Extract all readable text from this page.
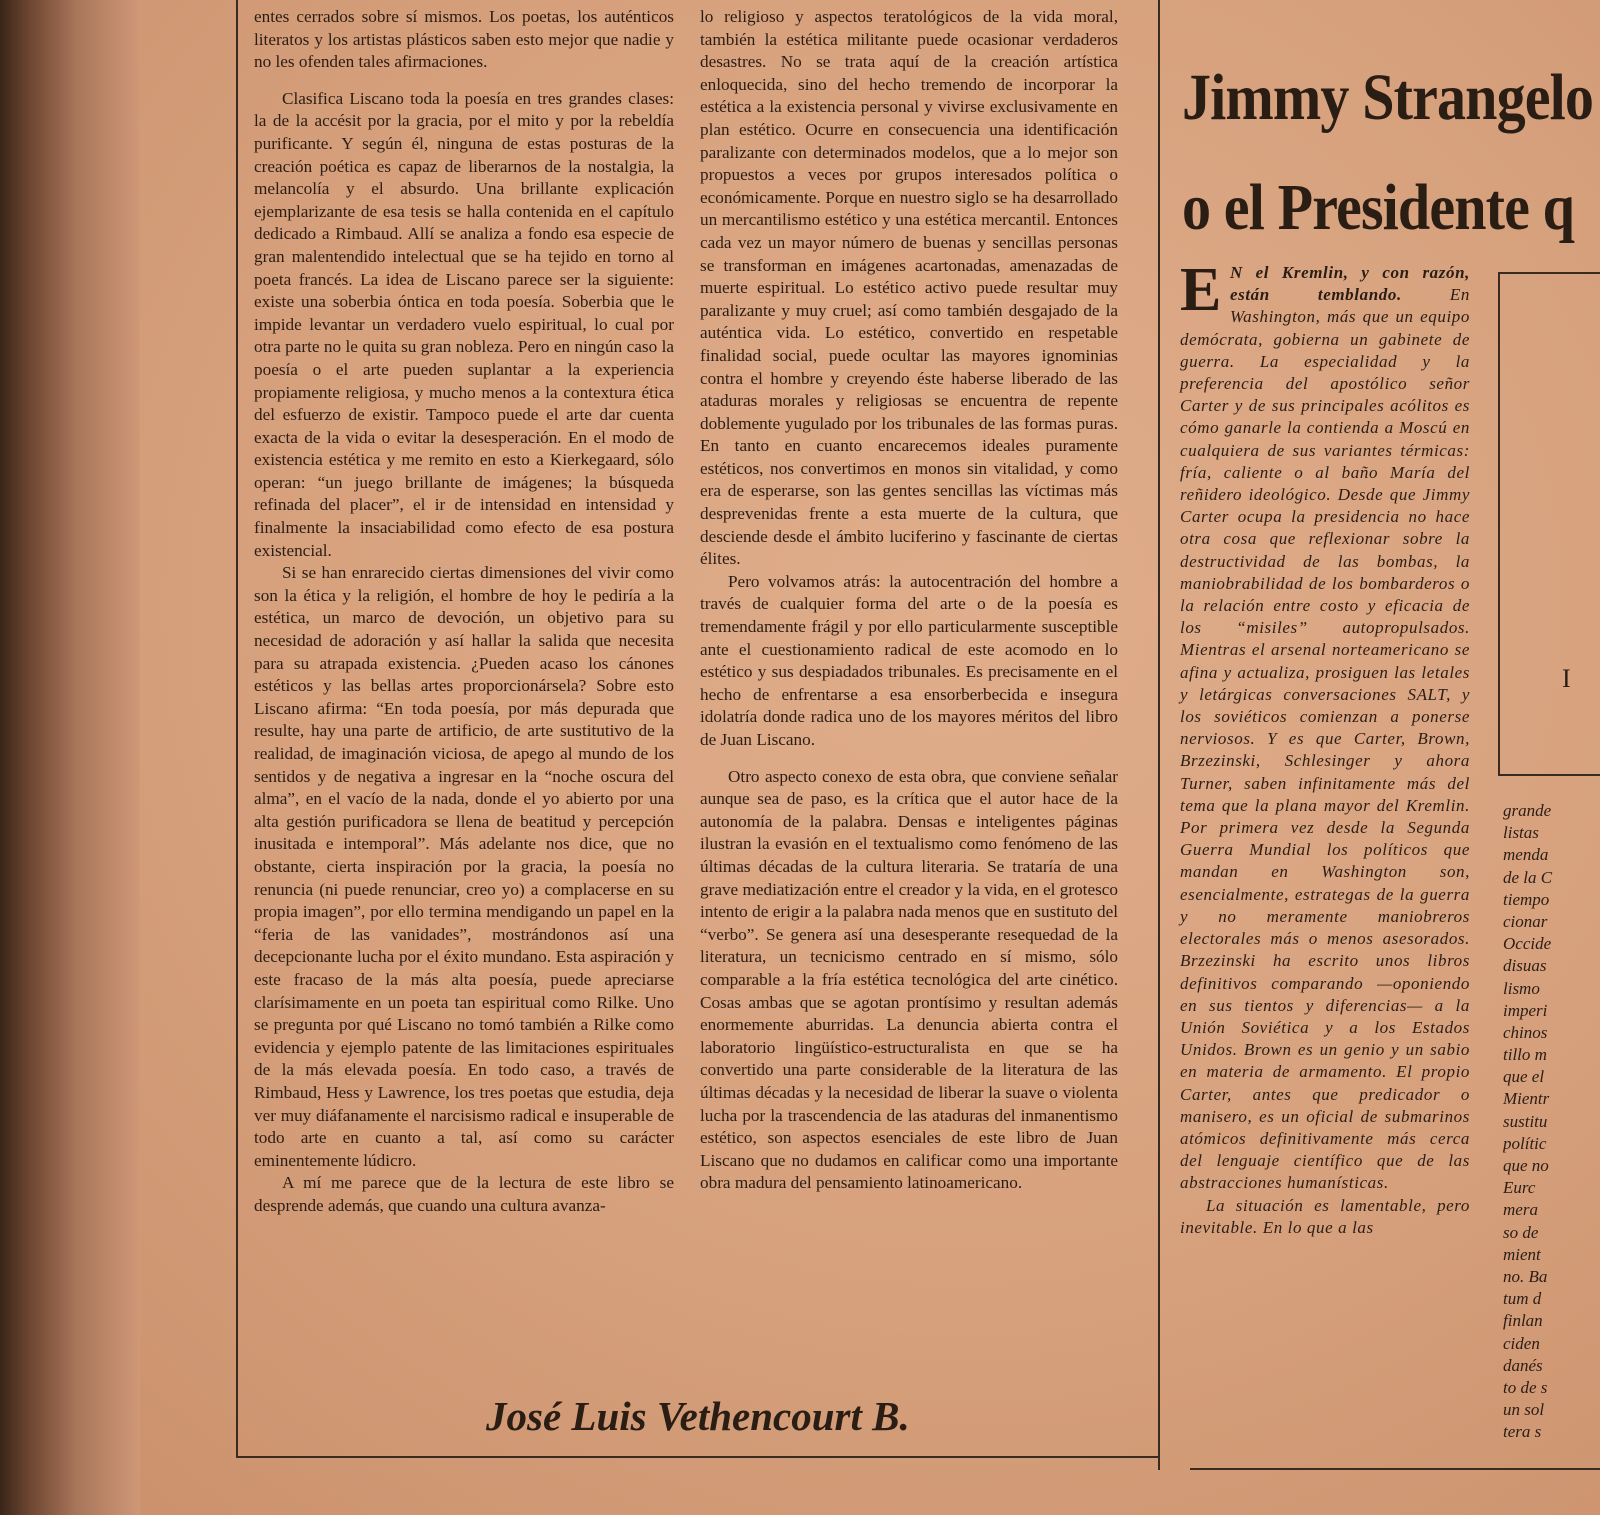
entes cerrados sobre sí mismos. Los poetas, los auténticos literatos y los artistas plásticos saben esto mejor que nadie y no les ofenden tales afirmaciones.

Clasifica Liscano toda la poesía en tres grandes clases: la de la accésit por la gracia, por el mito y por la rebeldía purificante. Y según él, ninguna de estas posturas de la creación poética es capaz de liberarnos de la nostalgia, la melancolía y el absurdo. Una brillante explicación ejemplarizante de esa tesis se halla contenida en el capítulo dedicado a Rimbaud. Allí se analiza a fondo esa especie de gran malentendido intelectual que se ha tejido en torno al poeta francés. La idea de Liscano parece ser la siguiente: existe una soberbia óntica en toda poesía. Soberbia que le impide levantar un verdadero vuelo espiritual, lo cual por otra parte no le quita su gran nobleza. Pero en ningún caso la poesía o el arte pueden suplantar a la experiencia propiamente religiosa, y mucho menos a la contextura ética del esfuerzo de existir. Tampoco puede el arte dar cuenta exacta de la vida o evitar la desesperación. En el modo de existencia estética y me remito en esto a Kierkegaard, sólo operan: “un juego brillante de imágenes; la búsqueda refinada del placer”, el ir de intensidad en intensidad y finalmente la insaciabilidad como efecto de esa postura existencial.

Si se han enrarecido ciertas dimensiones del vivir como son la ética y la religión, el hombre de hoy le pediría a la estética, un marco de devoción, un objetivo para su necesidad de adoración y así hallar la salida que necesita para su atrapada existencia. ¿Pueden acaso los cánones estéticos y las bellas artes proporcionársela? Sobre esto Liscano afirma: “En toda poesía, por más depurada que resulte, hay una parte de artificio, de arte sustitutivo de la realidad, de imaginación viciosa, de apego al mundo de los sentidos y de negativa a ingresar en la “noche oscura del alma”, en el vacío de la nada, donde el yo abierto por una alta gestión purificadora se llena de beatitud y percepción inusitada e intemporal”. Más adelante nos dice, que no obstante, cierta inspiración por la gracia, la poesía no renuncia (ni puede renunciar, creo yo) a complacerse en su propia imagen”, por ello termina mendigando un papel en la “feria de las vanidades”, mostrándonos así una decepcionante lucha por el éxito mundano. Esta aspiración y este fracaso de la más alta poesía, puede apreciarse clarísimamente en un poeta tan espiritual como Rilke. Uno se pregunta por qué Liscano no tomó también a Rilke como evidencia y ejemplo patente de las limitaciones espirituales de la más elevada poesía. En todo caso, a través de Rimbaud, Hess y Lawrence, los tres poetas que estudia, deja ver muy diáfanamente el narcisismo radical e insuperable de todo arte en cuanto a tal, así como su carácter eminentemente lúdicro.

A mí me parece que de la lectura de este libro se desprende además, que cuando una cultura avanza-

lo religioso y aspectos teratológicos de la vida moral, también la estética militante puede ocasionar verdaderos desastres. No se trata aquí de la creación artística enloquecida, sino del hecho tremendo de incorporar la estética a la existencia personal y vivirse exclusivamente en plan estético. Ocurre en consecuencia una identificación paralizante con determinados modelos, que a lo mejor son propuestos a veces por grupos interesados política o económicamente. Porque en nuestro siglo se ha desarrollado un mercantilismo estético y una estética mercantil. Entonces cada vez un mayor número de buenas y sencillas personas se transforman en imágenes acartonadas, amenazadas de muerte espiritual. Lo estético activo puede resultar muy paralizante y muy cruel; así como también desgajado de la auténtica vida. Lo estético, convertido en respetable finalidad social, puede ocultar las mayores ignominias contra el hombre y creyendo éste haberse liberado de las ataduras morales y religiosas se encuentra de repente doblemente yugulado por los tribunales de las formas puras. En tanto en cuanto encarecemos ideales puramente estéticos, nos convertimos en monos sin vitalidad, y como era de esperarse, son las gentes sencillas las víctimas más desprevenidas frente a esta muerte de la cultura, que desciende desde el ámbito luciferino y fascinante de ciertas élites.

Pero volvamos atrás: la autocentración del hombre a través de cualquier forma del arte o de la poesía es tremendamente frágil y por ello particularmente susceptible ante el cuestionamiento radical de este acomodo en lo estético y sus despiadados tribunales. Es precisamente en el hecho de enfrentarse a esa ensorberbecida e insegura idolatría donde radica uno de los mayores méritos del libro de Juan Liscano.

Otro aspecto conexo de esta obra, que conviene señalar aunque sea de paso, es la crítica que el autor hace de la autonomía de la palabra. Densas e inteligentes páginas ilustran la evasión en el textualismo como fenómeno de las últimas décadas de la cultura literaria. Se trataría de una grave mediatización entre el creador y la vida, en el grotesco intento de erigir a la palabra nada menos que en sustituto del “verbo”. Se genera así una desesperante resequedad de la literatura, un tecnicismo centrado en sí mismo, sólo comparable a la fría estética tecnológica del arte cinético. Cosas ambas que se agotan prontísimo y resultan además enormemente aburridas. La denuncia abierta contra el laboratorio lingüístico-estructuralista en que se ha convertido una parte considerable de la literatura de las últimas décadas y la necesidad de liberar la suave o violenta lucha por la trascendencia de las ataduras del inmanentismo estético, son aspectos esenciales de este libro de Juan Liscano que no dudamos en calificar como una importante obra madura del pensamiento latinoamericano.

José Luis Vethencourt B.
Jimmy Strangelo
o el Presidente q

E N el Kremlin, y con razón, están temblando.	En Washington, más que un equipo demócrata, gobierna un gabinete de guerra. La especialidad y la preferencia del apostólico señor Carter y de sus principales acólitos es cómo ganarle la contienda a Moscú en cualquiera de sus variantes térmicas: fría, caliente o al baño María del reñidero ideológico. Desde que Jimmy Carter ocupa la presidencia no hace otra cosa que reflexionar sobre la destructividad de las bombas, la maniobrabilidad de los bombarderos o la relación entre costo y eficacia de los “misiles” autopropulsados. Mientras el arsenal norteamericano se afina y actualiza, prosiguen las letales y letárgicas conversaciones SALT, y los soviéticos comienzan a ponerse nerviosos. Y es que Carter, Brown, Brzezinski, Schlesinger y ahora Turner, saben infinitamente más del tema que la plana mayor del Kremlin. Por primera vez desde la Segunda Guerra Mundial los políticos que mandan en Washington son, esencialmente, estrategas de la guerra y no meramente maniobreros electorales más o menos asesorados. Brzezinski ha escrito unos libros definitivos comparando —oponiendo en sus tientos y diferencias— a la Unión Soviética y a los Estados Unidos. Brown es un genio y un sabio en materia de armamento. El propio Carter, antes que predicador o manisero, es un oficial de submarinos atómicos definitivamente más cerca del lenguaje científico que de las abstracciones humanísticas.

La situación es lamentable, pero inevitable. En lo que a las

I
grande
listas
menda
de la C
tiempo
cionar
Occide
disuas
lismo
imperi
chinos
tillo m
que el
Mientr
sustitu
polític
que no
Eurc
mera
so de
mient
no. Ba
tum d
finlan
ciden
danés
to de s
un sol
tera s
